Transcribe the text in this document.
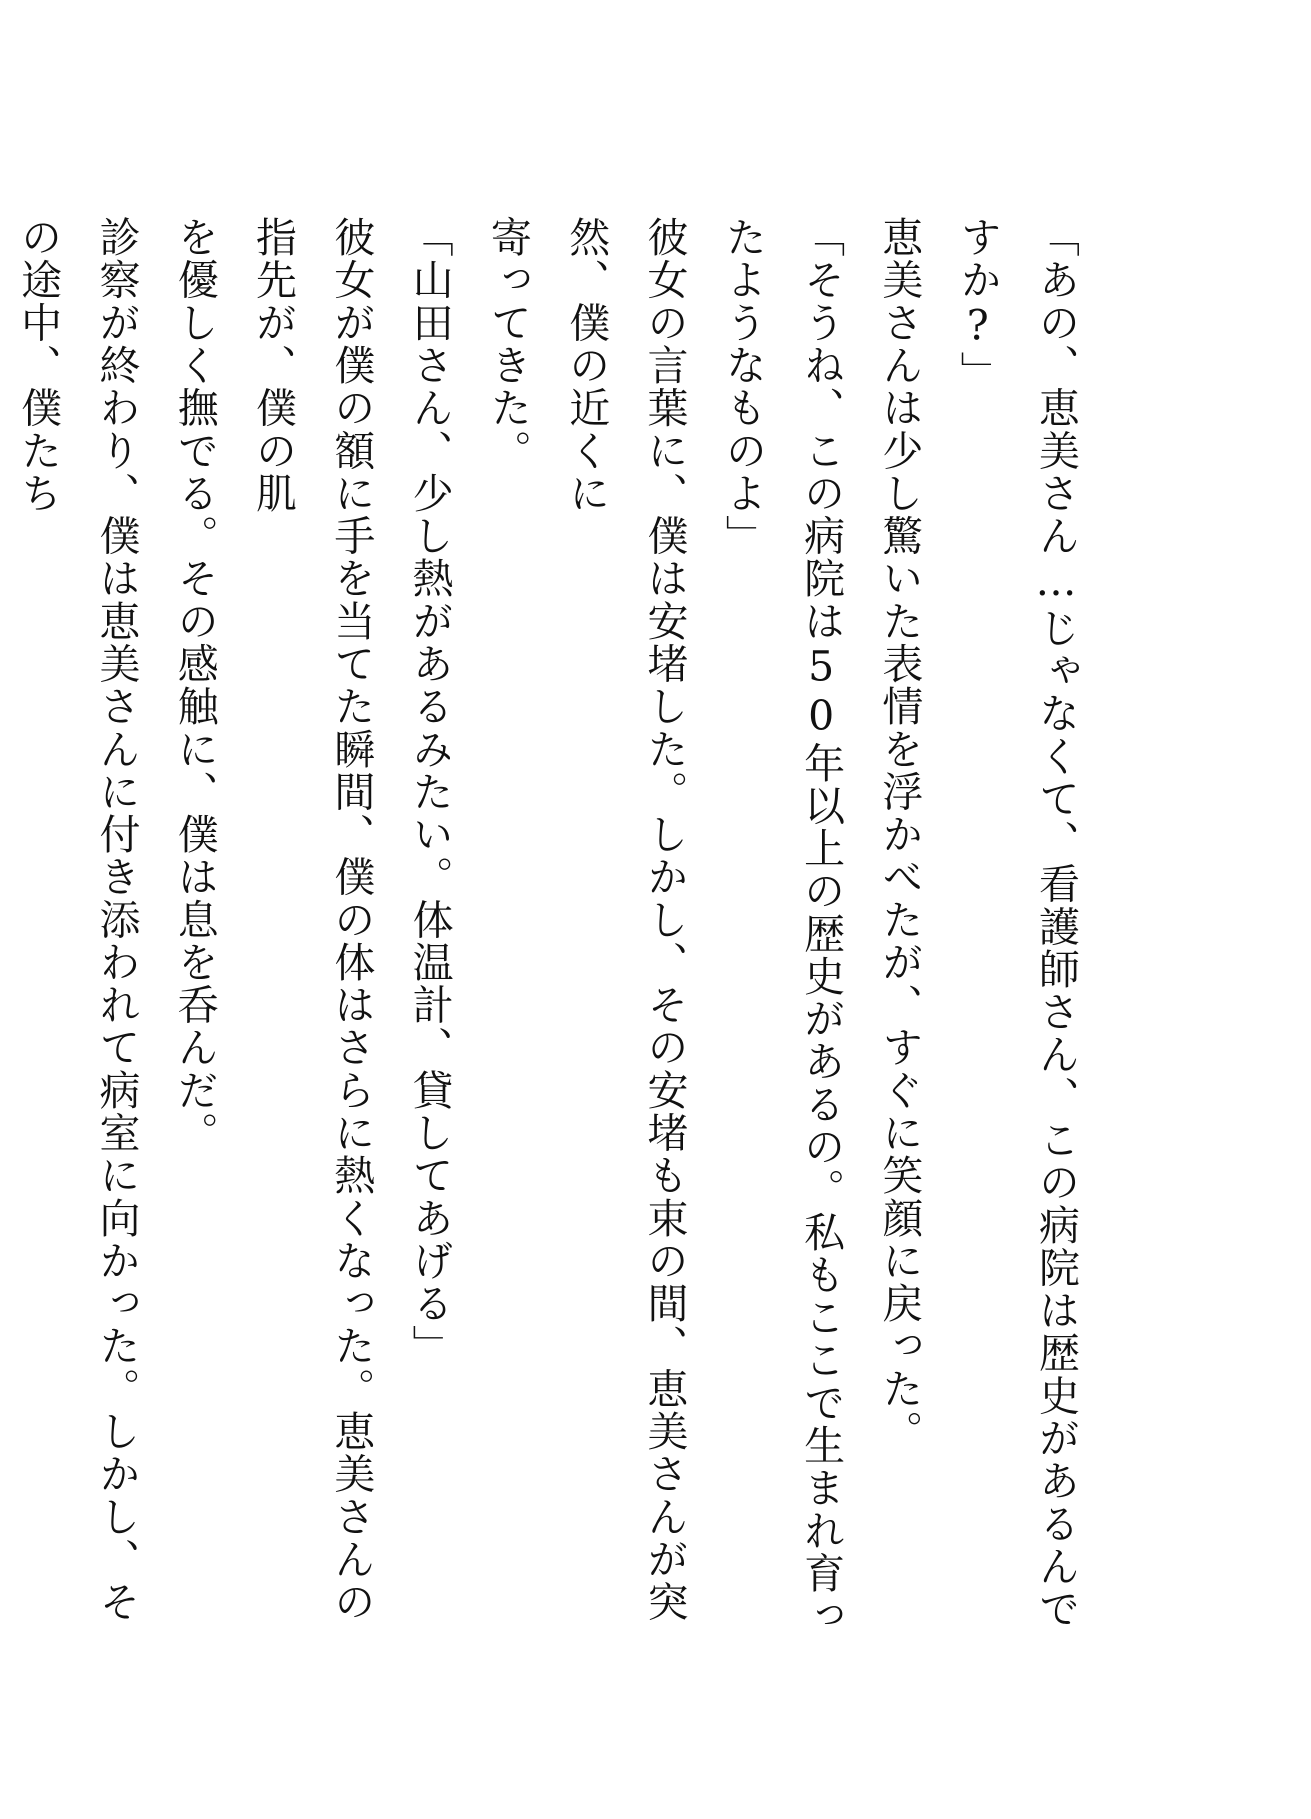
「あの、恵美さん…じゃなくて、看護師さん、この病院は歴史があるんですか?」

恵美さんは少し驚いた表情を浮かべたが、すぐに笑顔に戻った。

「そうね、この病院は50年以上の歴史があるの。私もここで生まれ育ったようなものよ」

彼女の言葉に、僕は安堵した。しかし、その安堵も束の間、恵美さんが突然、僕の近くに
寄ってきた。

「山田さん、少し熱があるみたい。体温計、貸してあげる」

彼女が僕の額に手を当てた瞬間、僕の体はさらに熱くなった。恵美さんの指先が、僕の肌
を優しく撫でる。その感触に、僕は息を呑んだ。

診察が終わり、僕は恵美さんに付き添われて病室に向かった。しかし、その途中、僕たち
